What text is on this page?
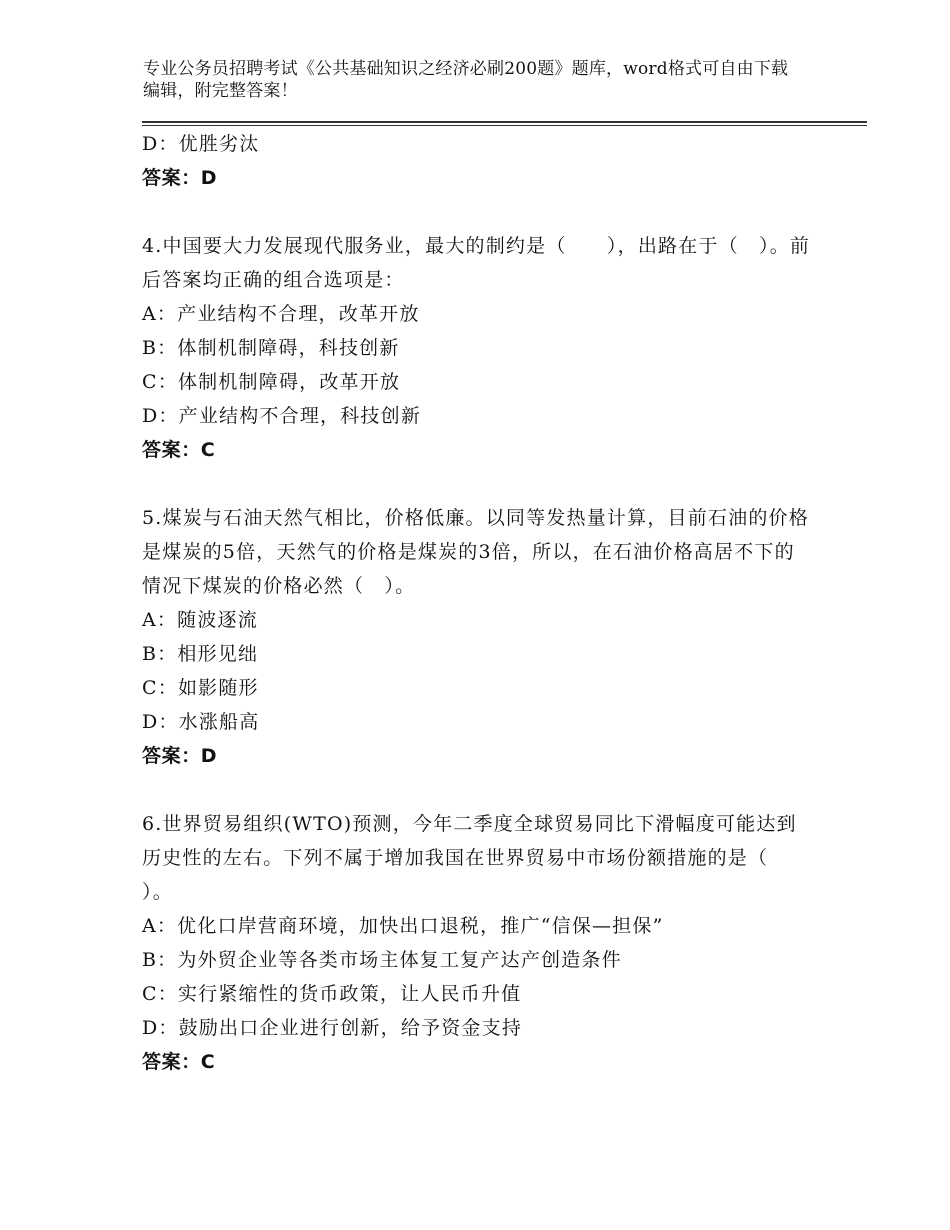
专业公务员招聘考试《公共基础知识之经济必刷200题》题库，word格式可自由下载编辑，附完整答案！
D：优胜劣汰
答案：D
4.中国要大力发展现代服务业，最大的制约是（　　），出路在于（　）。前后答案均正确的组合选项是：
A：产业结构不合理，改革开放
B：体制机制障碍，科技创新
C：体制机制障碍，改革开放
D：产业结构不合理，科技创新
答案：C
5.煤炭与石油天然气相比，价格低廉。以同等发热量计算，目前石油的价格是煤炭的5倍，天然气的价格是煤炭的3倍，所以，在石油价格高居不下的情况下煤炭的价格必然（　）。
A：随波逐流
B：相形见绌
C：如影随形
D：水涨船高
答案：D
6.世界贸易组织(WTO)预测，今年二季度全球贸易同比下滑幅度可能达到历史性的左右。下列不属于增加我国在世界贸易中市场份额措施的是（　　）。
A：优化口岸营商环境，加快出口退税，推广“信保—担保”
B：为外贸企业等各类市场主体复工复产达产创造条件
C：实行紧缩性的货币政策，让人民币升值
D：鼓励出口企业进行创新，给予资金支持
答案：C
